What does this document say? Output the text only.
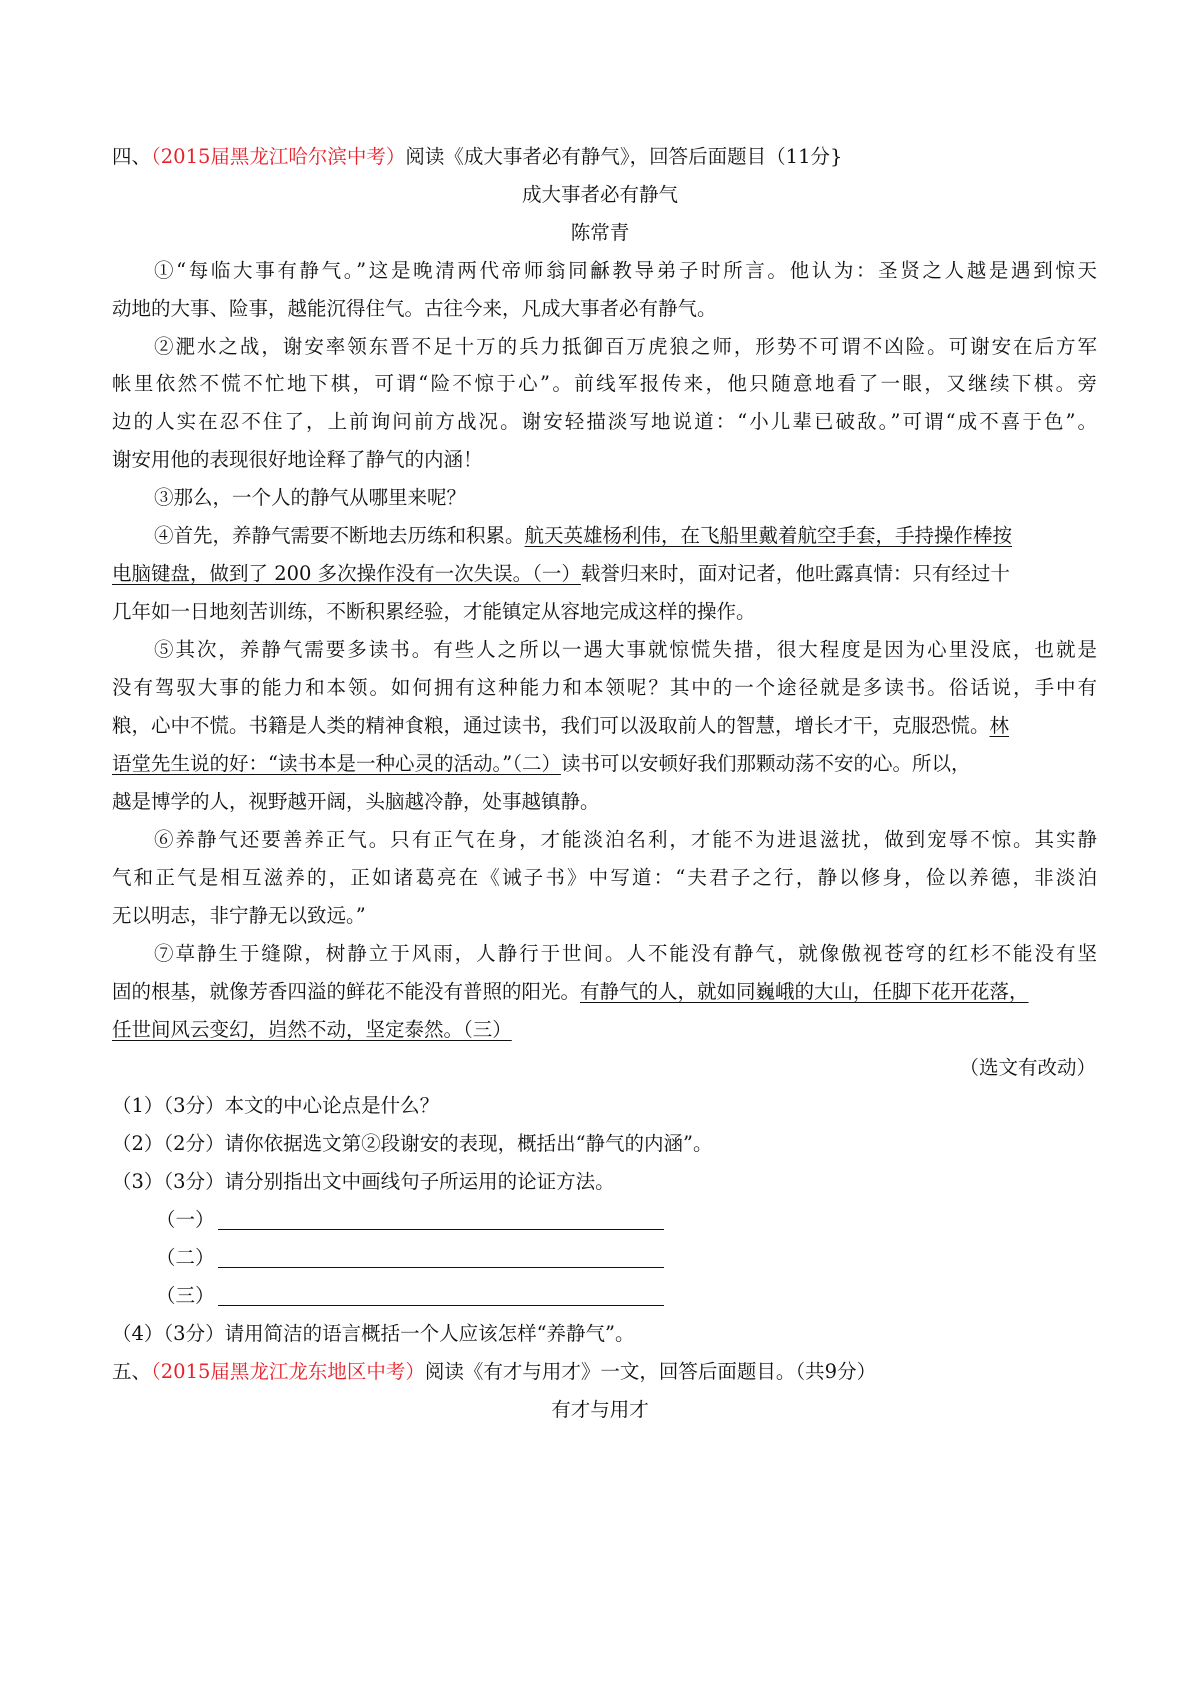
四、（2015届黑龙江哈尔滨中考）阅读《成大事者必有静气》，回答后面题目（11分}
成大事者必有静气
陈常青
①“每临大事有静气。”这是晚清两代帝师翁同龢教导弟子时所言。他认为：圣贤之人越是遇到惊天
动地的大事、险事，越能沉得住气。古往今来，凡成大事者必有静气。
②淝水之战，谢安率领东晋不足十万的兵力抵御百万虎狼之师，形势不可谓不凶险。可谢安在后方军
帐里依然不慌不忙地下棋，可谓“险不惊于心”。前线军报传来，他只随意地看了一眼，又继续下棋。旁
边的人实在忍不住了，上前询问前方战况。谢安轻描淡写地说道：“小儿辈已破敌。”可谓“成不喜于色”。
谢安用他的表现很好地诠释了静气的内涵！
③那么，一个人的静气从哪里来呢？
④首先，养静气需要不断地去历练和积累。航天英雄杨利伟，在飞船里戴着航空手套，手持操作棒按
电脑键盘，做到了 200 多次操作没有一次失误。（一）载誉归来时，面对记者，他吐露真情：只有经过十
几年如一日地刻苦训练，不断积累经验，才能镇定从容地完成这样的操作。
⑤其次，养静气需要多读书。有些人之所以一遇大事就惊慌失措，很大程度是因为心里没底，也就是
没有驾驭大事的能力和本领。如何拥有这种能力和本领呢？其中的一个途径就是多读书。俗话说，手中有
粮，心中不慌。书籍是人类的精神食粮，通过读书，我们可以汲取前人的智慧，增长才干，克服恐慌。林
语堂先生说的好：“读书本是一种心灵的活动。”（二）读书可以安顿好我们那颗动荡不安的心。所以，
越是博学的人，视野越开阔，头脑越冷静，处事越镇静。
⑥养静气还要善养正气。只有正气在身，才能淡泊名利，才能不为进退滋扰，做到宠辱不惊。其实静
气和正气是相互滋养的，正如诸葛亮在《诫子书》中写道：“夫君子之行，静以修身，俭以养德，非淡泊
无以明志，非宁静无以致远。”
⑦草静生于缝隙，树静立于风雨，人静行于世间。人不能没有静气，就像傲视苍穹的红杉不能没有坚
固的根基，就像芳香四溢的鲜花不能没有普照的阳光。有静气的人，就如同巍峨的大山，任脚下花开花落，
任世间风云变幻，岿然不动，坚定泰然。（三）
（选文有改动）
（1）（3分）本文的中心论点是什么？
（2）（2分）请你依据选文第②段谢安的表现，概括出“静气的内涵”。
（3）（3分）请分别指出文中画线句子所运用的论证方法。
（一）
（二）
（三）
（4）（3分）请用简洁的语言概括一个人应该怎样“养静气”。
五、（2015届黑龙江龙东地区中考）阅读《有才与用才》一文，回答后面题目。（共9分）
有才与用才
